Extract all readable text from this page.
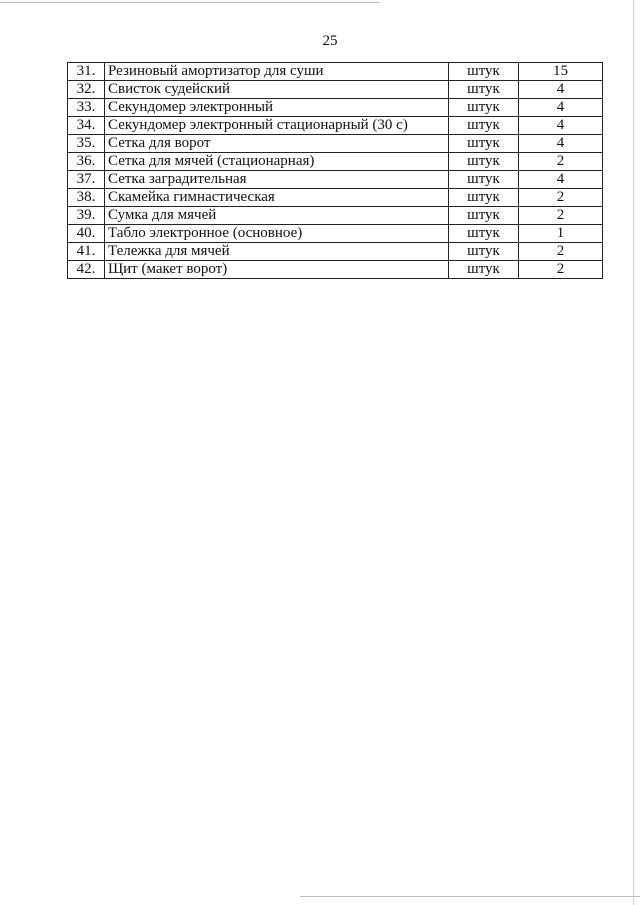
25
31.	Резиновый амортизатор для суши	штук	15
32.	Свисток судейский	штук	4
33.	Секундомер электронный	штук	4
34.	Секундомер электронный стационарный (30 с)	штук	4
35.	Сетка для ворот	штук	4
36.	Сетка для мячей (стационарная)	штук	2
37.	Сетка заградительная	штук	4
38.	Скамейка гимнастическая	штук	2
39.	Сумка для мячей	штук	2
40.	Табло электронное (основное)	штук	1
41.	Тележка для мячей	штук	2
42.	Щит (макет ворот)	штук	2
